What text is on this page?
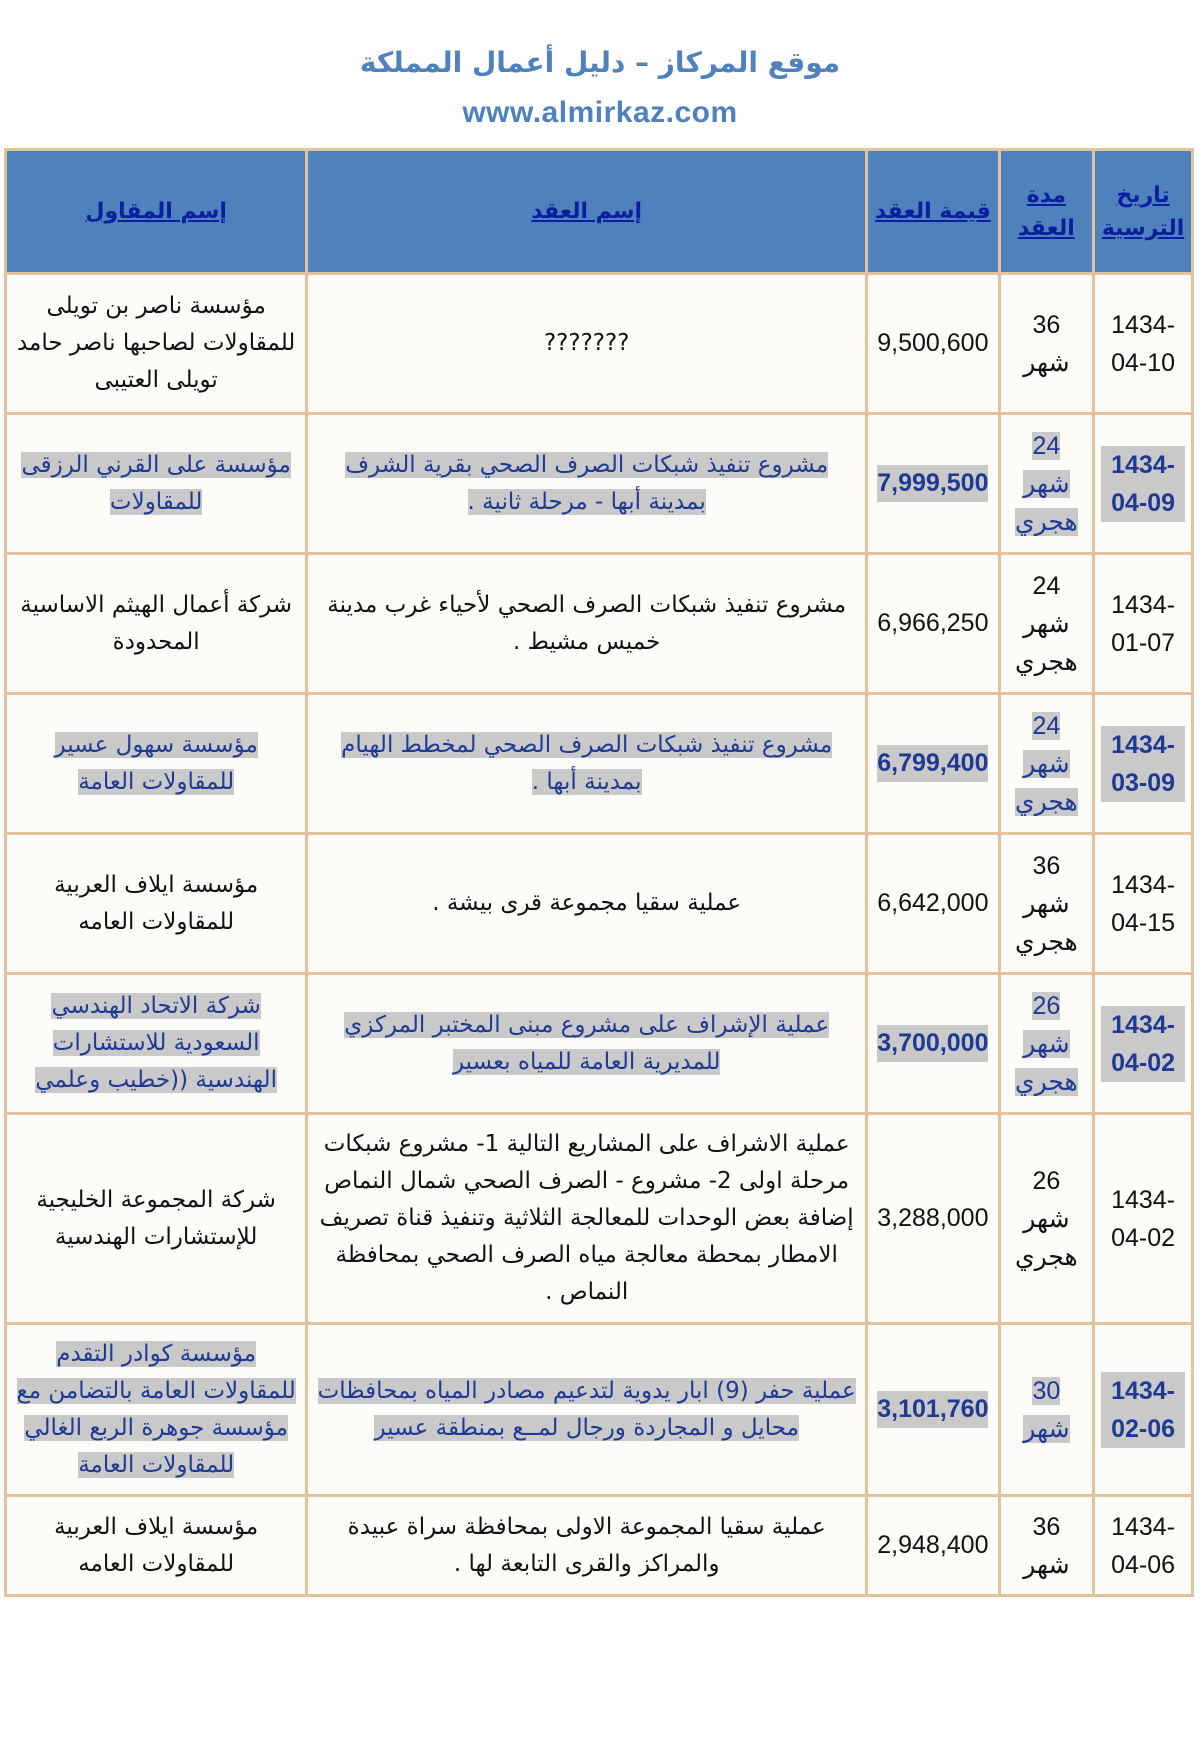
موقع المركاز – دليل أعمال المملكة
www.almirkaz.com
تاريخ الترسية	مدة العقد	قيمة العقد	إسم العقد	إسم المقاول
1434-04-10	36 شهر	9,500,600	???????	مؤسسة ناصر بن تويلى للمقاولات لصاحبها ناصر حامد تويلى العتيبى
1434-04-09	24 شهر هجري	7,999,500	مشروع تنفيذ شبكات الصرف الصحي بقرية الشرف بمدينة أبها - مرحلة ثانية .	مؤسسة على القرني الرزقى للمقاولات
1434-01-07	24 شهر هجري	6,966,250	مشروع تنفيذ شبكات الصرف الصحي لأحياء غرب مدينة خميس مشيط .	شركة أعمال الهيثم الاساسية المحدودة
1434-03-09	24 شهر هجري	6,799,400	مشروع تنفيذ شبكات الصرف الصحي لمخطط الهيام بمدينة أبها .	مؤسسة سهول عسير للمقاولات العامة
1434-04-15	36 شهر هجري	6,642,000	عملية سقيا مجموعة قرى بيشة .	مؤسسة ايلاف العربية للمقاولات العامه
1434-04-02	26 شهر هجري	3,700,000	عملية الإشراف على مشروع مبنى المختبر المركزي للمديرية العامة للمياه بعسير	شركة الاتحاد الهندسي السعودية للاستشارات الهندسية ((خطيب وعلمي
1434-04-02	26 شهر هجري	3,288,000	عملية الاشراف على المشاريع التالية 1- مشروع شبكات مرحلة اولى 2- مشروع - الصرف الصحي شمال النماص إضافة بعض الوحدات للمعالجة الثلاثية وتنفيذ قناة تصريف الامطار بمحطة معالجة مياه الصرف الصحي بمحافظة النماص .	شركة المجموعة الخليجية للإستشارات الهندسية
1434-02-06	30 شهر	3,101,760	عملية حفر (9) ابار يدوية لتدعيم مصادر المياه بمحافظات محايل و المجاردة ورجال لمــع بمنطقة عسير	مؤسسة كوادر التقدم للمقاولات العامة بالتضامن مع مؤسسة جوهرة الربع الغالي للمقاولات العامة
1434-04-06	36 شهر	2,948,400	عملية سقيا المجموعة الاولى بمحافظة سراة عبيدة والمراكز والقرى التابعة لها .	مؤسسة ايلاف العربية للمقاولات العامه
